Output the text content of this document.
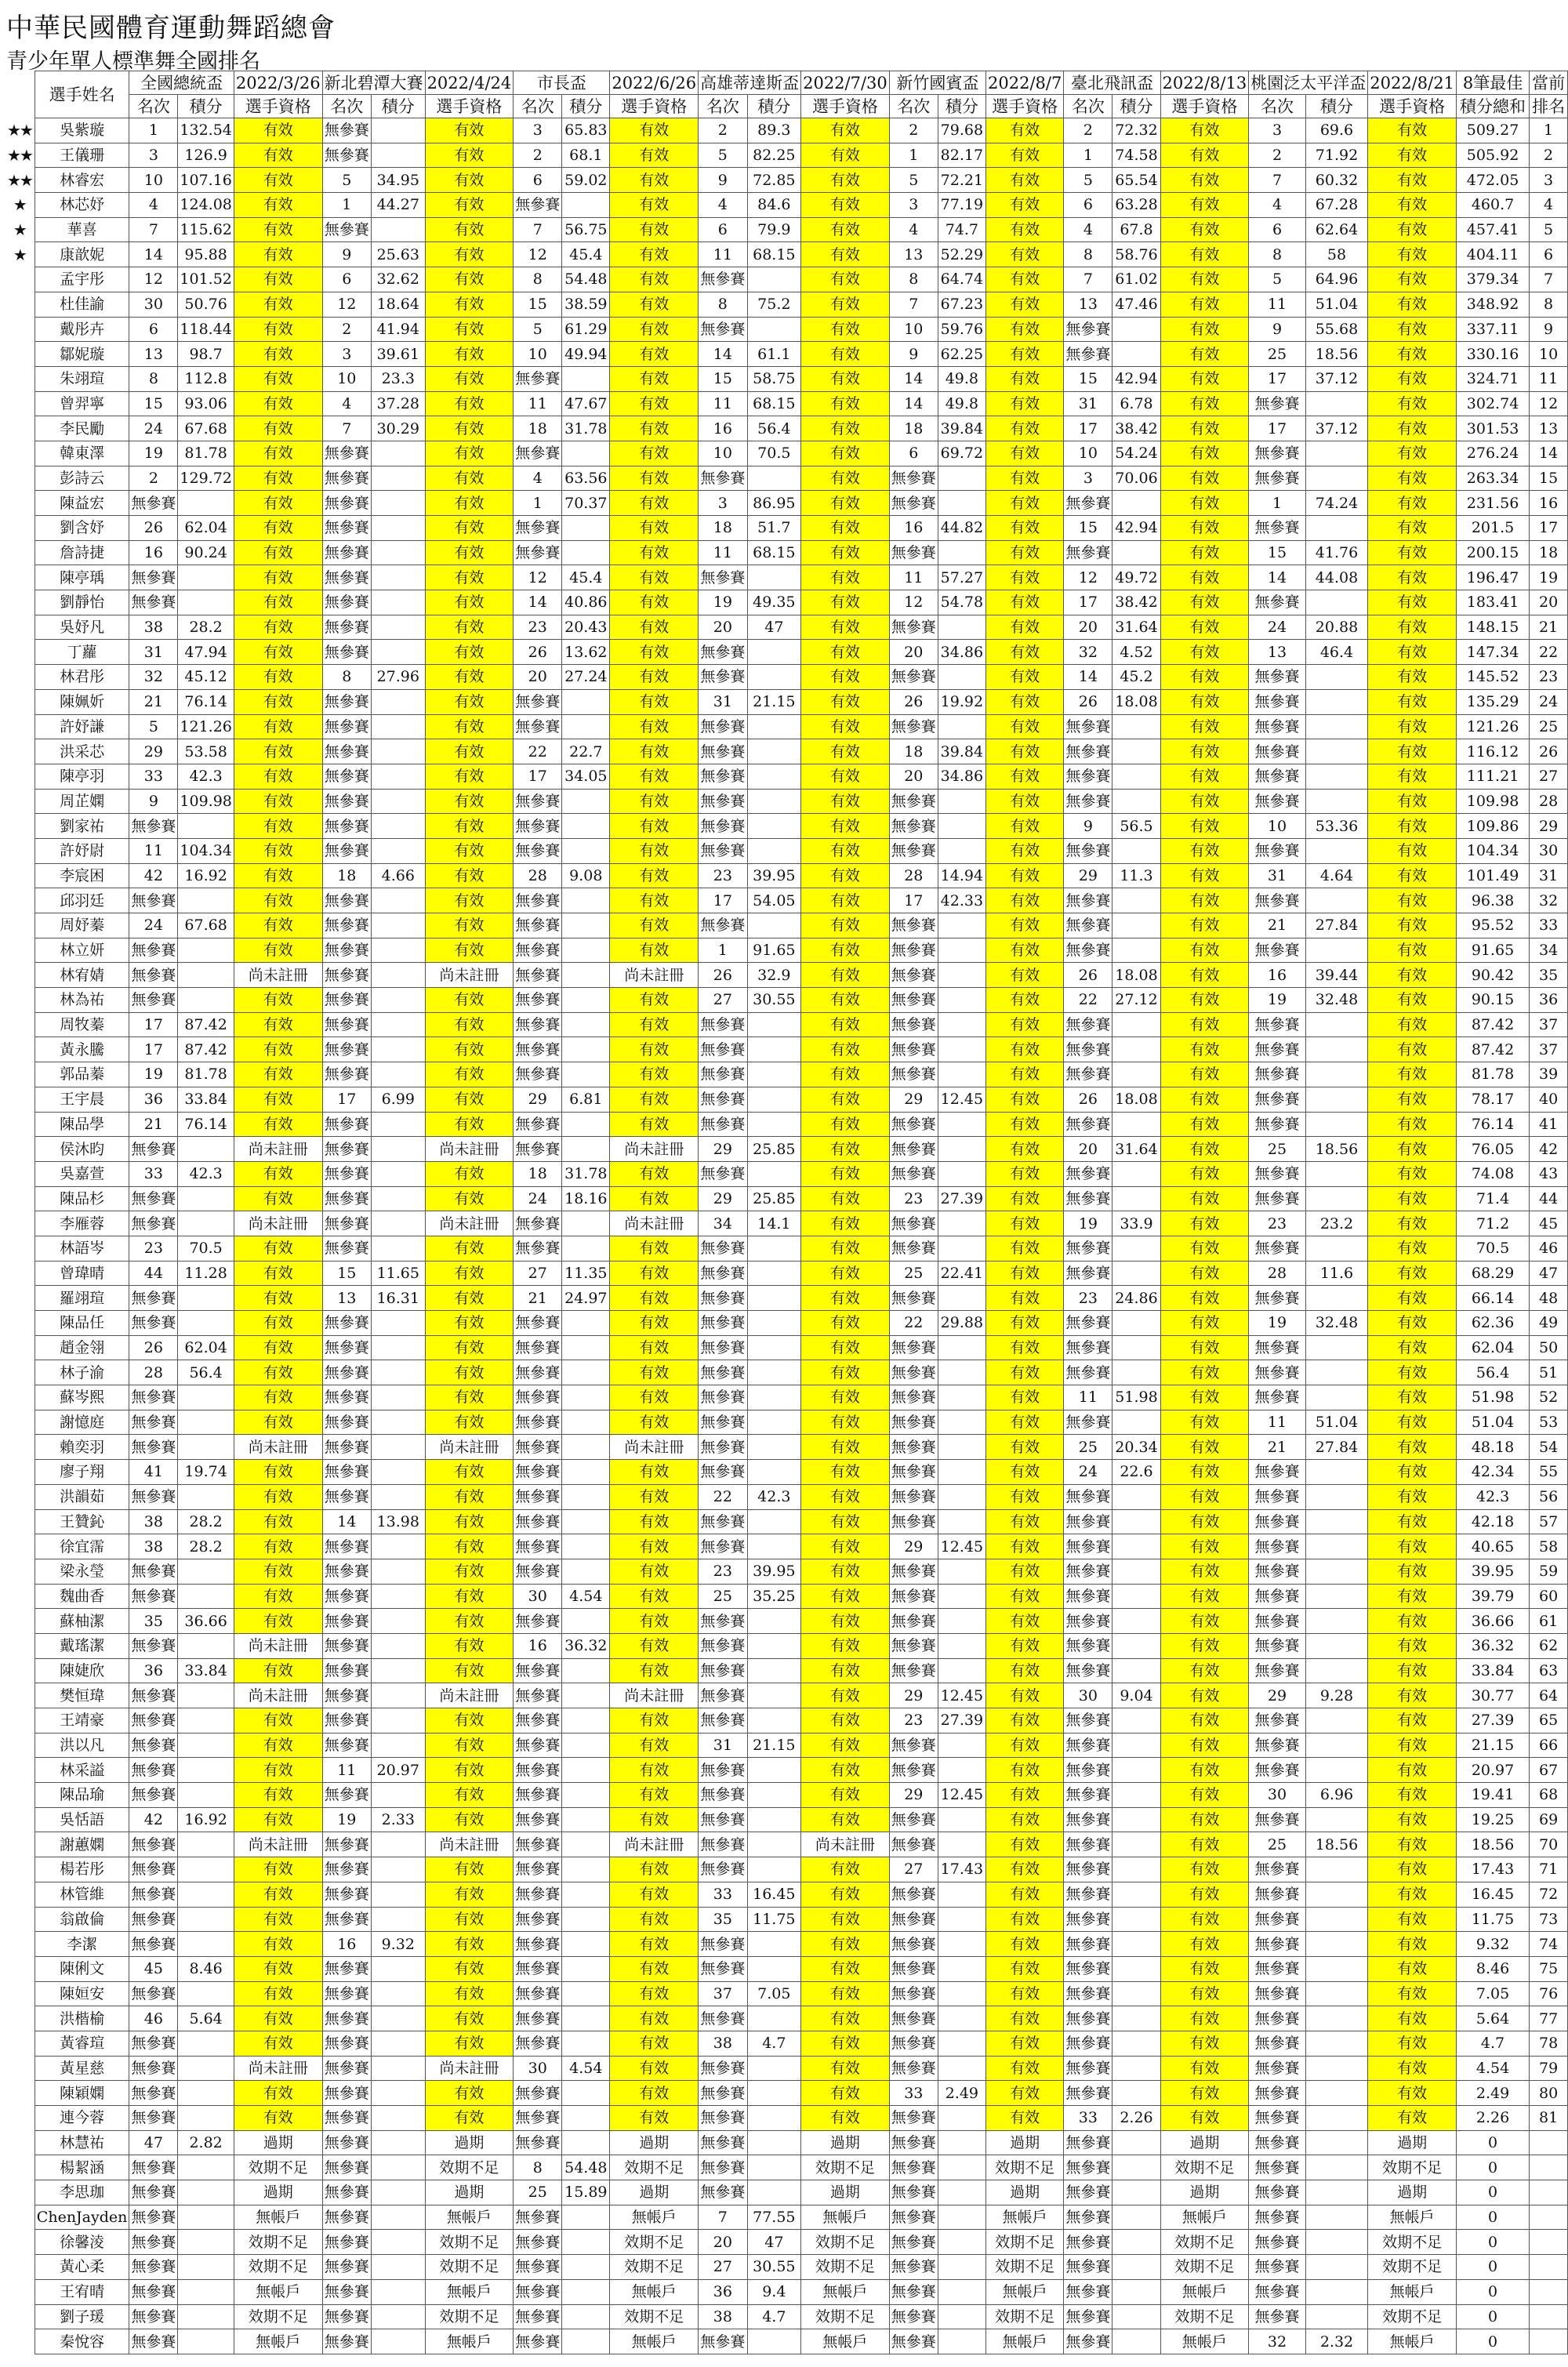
中華民國體育運動舞蹈總會
青少年單人標準舞全國排名
	選手姓名	全國總統盃		2022/3/26	新北碧潭大賽		2022/4/24	市長盃		2022/6/26	高雄蒂達斯盃		2022/7/30	新竹國賓盃		2022/8/7	臺北飛訊盃		2022/8/13	桃園泛太平洋盃		2022/8/21	8筆最佳	當前
		名次	積分	選手資格	名次	積分	選手資格	名次	積分	選手資格	名次	積分	選手資格	名次	積分	選手資格	名次	積分	選手資格	名次	積分	選手資格	積分總和	排名
★★	吳紫璇	1	132.54	有效	無參賽		有效	3	65.83	有效	2	89.3	有效	2	79.68	有效	2	72.32	有效	3	69.6	有效	509.27	1
★★	王儀珊	3	126.9	有效	無參賽		有效	2	68.1	有效	5	82.25	有效	1	82.17	有效	1	74.58	有效	2	71.92	有效	505.92	2
★★	林睿宏	10	107.16	有效	5	34.95	有效	6	59.02	有效	9	72.85	有效	5	72.21	有效	5	65.54	有效	7	60.32	有效	472.05	3
★	林芯妤	4	124.08	有效	1	44.27	有效	無參賽		有效	4	84.6	有效	3	77.19	有效	6	63.28	有效	4	67.28	有效	460.7	4
★	華喜	7	115.62	有效	無參賽		有效	7	56.75	有效	6	79.9	有效	4	74.7	有效	4	67.8	有效	6	62.64	有效	457.41	5
★	康歆妮	14	95.88	有效	9	25.63	有效	12	45.4	有效	11	68.15	有效	13	52.29	有效	8	58.76	有效	8	58	有效	404.11	6
	孟宇彤	12	101.52	有效	6	32.62	有效	8	54.48	有效	無參賽		有效	8	64.74	有效	7	61.02	有效	5	64.96	有效	379.34	7
	杜佳諭	30	50.76	有效	12	18.64	有效	15	38.59	有效	8	75.2	有效	7	67.23	有效	13	47.46	有效	11	51.04	有效	348.92	8
	戴彤卉	6	118.44	有效	2	41.94	有效	5	61.29	有效	無參賽		有效	10	59.76	有效	無參賽		有效	9	55.68	有效	337.11	9
	鄒妮璇	13	98.7	有效	3	39.61	有效	10	49.94	有效	14	61.1	有效	9	62.25	有效	無參賽		有效	25	18.56	有效	330.16	10
	朱翊瑄	8	112.8	有效	10	23.3	有效	無參賽		有效	15	58.75	有效	14	49.8	有效	15	42.94	有效	17	37.12	有效	324.71	11
	曾羿寧	15	93.06	有效	4	37.28	有效	11	47.67	有效	11	68.15	有效	14	49.8	有效	31	6.78	有效	無參賽		有效	302.74	12
	李民勵	24	67.68	有效	7	30.29	有效	18	31.78	有效	16	56.4	有效	18	39.84	有效	17	38.42	有效	17	37.12	有效	301.53	13
	韓東澤	19	81.78	有效	無參賽		有效	無參賽		有效	10	70.5	有效	6	69.72	有效	10	54.24	有效	無參賽		有效	276.24	14
	彭詩云	2	129.72	有效	無參賽		有效	4	63.56	有效	無參賽		有效	無參賽		有效	3	70.06	有效	無參賽		有效	263.34	15
	陳益宏	無參賽		有效	無參賽		有效	1	70.37	有效	3	86.95	有效	無參賽		有效	無參賽		有效	1	74.24	有效	231.56	16
	劉含妤	26	62.04	有效	無參賽		有效	無參賽		有效	18	51.7	有效	16	44.82	有效	15	42.94	有效	無參賽		有效	201.5	17
	詹詩捷	16	90.24	有效	無參賽		有效	無參賽		有效	11	68.15	有效	無參賽		有效	無參賽		有效	15	41.76	有效	200.15	18
	陳亭瑀	無參賽		有效	無參賽		有效	12	45.4	有效	無參賽		有效	11	57.27	有效	12	49.72	有效	14	44.08	有效	196.47	19
	劉靜怡	無參賽		有效	無參賽		有效	14	40.86	有效	19	49.35	有效	12	54.78	有效	17	38.42	有效	無參賽		有效	183.41	20
	吳妤凡	38	28.2	有效	無參賽		有效	23	20.43	有效	20	47	有效	無參賽		有效	20	31.64	有效	24	20.88	有效	148.15	21
	丁蘿	31	47.94	有效	無參賽		有效	26	13.62	有效	無參賽		有效	20	34.86	有效	32	4.52	有效	13	46.4	有效	147.34	22
	林君彤	32	45.12	有效	8	27.96	有效	20	27.24	有效	無參賽		有效	無參賽		有效	14	45.2	有效	無參賽		有效	145.52	23
	陳姵妡	21	76.14	有效	無參賽		有效	無參賽		有效	31	21.15	有效	26	19.92	有效	26	18.08	有效	無參賽		有效	135.29	24
	許妤謙	5	121.26	有效	無參賽		有效	無參賽		有效	無參賽		有效	無參賽		有效	無參賽		有效	無參賽		有效	121.26	25
	洪采芯	29	53.58	有效	無參賽		有效	22	22.7	有效	無參賽		有效	18	39.84	有效	無參賽		有效	無參賽		有效	116.12	26
	陳亭羽	33	42.3	有效	無參賽		有效	17	34.05	有效	無參賽		有效	20	34.86	有效	無參賽		有效	無參賽		有效	111.21	27
	周芷嫻	9	109.98	有效	無參賽		有效	無參賽		有效	無參賽		有效	無參賽		有效	無參賽		有效	無參賽		有效	109.98	28
	劉家祐	無參賽		有效	無參賽		有效	無參賽		有效	無參賽		有效	無參賽		有效	9	56.5	有效	10	53.36	有效	109.86	29
	許妤尉	11	104.34	有效	無參賽		有效	無參賽		有效	無參賽		有效	無參賽		有效	無參賽		有效	無參賽		有效	104.34	30
	李宸困	42	16.92	有效	18	4.66	有效	28	9.08	有效	23	39.95	有效	28	14.94	有效	29	11.3	有效	31	4.64	有效	101.49	31
	邱羽廷	無參賽		有效	無參賽		有效	無參賽		有效	17	54.05	有效	17	42.33	有效	無參賽		有效	無參賽		有效	96.38	32
	周妤蓁	24	67.68	有效	無參賽		有效	無參賽		有效	無參賽		有效	無參賽		有效	無參賽		有效	21	27.84	有效	95.52	33
	林立妍	無參賽		有效	無參賽		有效	無參賽		有效	1	91.65	有效	無參賽		有效	無參賽		有效	無參賽		有效	91.65	34
	林宥婧	無參賽		尚未註冊	無參賽		尚未註冊	無參賽		尚未註冊	26	32.9	有效	無參賽		有效	26	18.08	有效	16	39.44	有效	90.42	35
	林為祐	無參賽		有效	無參賽		有效	無參賽		有效	27	30.55	有效	無參賽		有效	22	27.12	有效	19	32.48	有效	90.15	36
	周牧蓁	17	87.42	有效	無參賽		有效	無參賽		有效	無參賽		有效	無參賽		有效	無參賽		有效	無參賽		有效	87.42	37
	黃永騰	17	87.42	有效	無參賽		有效	無參賽		有效	無參賽		有效	無參賽		有效	無參賽		有效	無參賽		有效	87.42	37
	郭品蓁	19	81.78	有效	無參賽		有效	無參賽		有效	無參賽		有效	無參賽		有效	無參賽		有效	無參賽		有效	81.78	39
	王宇晨	36	33.84	有效	17	6.99	有效	29	6.81	有效	無參賽		有效	29	12.45	有效	26	18.08	有效	無參賽		有效	78.17	40
	陳品學	21	76.14	有效	無參賽		有效	無參賽		有效	無參賽		有效	無參賽		有效	無參賽		有效	無參賽		有效	76.14	41
	侯沐昀	無參賽		尚未註冊	無參賽		尚未註冊	無參賽		尚未註冊	29	25.85	有效	無參賽		有效	20	31.64	有效	25	18.56	有效	76.05	42
	吳嘉萱	33	42.3	有效	無參賽		有效	18	31.78	有效	無參賽		有效	無參賽		有效	無參賽		有效	無參賽		有效	74.08	43
	陳品杉	無參賽		有效	無參賽		有效	24	18.16	有效	29	25.85	有效	23	27.39	有效	無參賽		有效	無參賽		有效	71.4	44
	李雁蓉	無參賽		尚未註冊	無參賽		尚未註冊	無參賽		尚未註冊	34	14.1	有效	無參賽		有效	19	33.9	有效	23	23.2	有效	71.2	45
	林語岑	23	70.5	有效	無參賽		有效	無參賽		有效	無參賽		有效	無參賽		有效	無參賽		有效	無參賽		有效	70.5	46
	曾瑋晴	44	11.28	有效	15	11.65	有效	27	11.35	有效	無參賽		有效	25	22.41	有效	無參賽		有效	28	11.6	有效	68.29	47
	羅翊瑄	無參賽		有效	13	16.31	有效	21	24.97	有效	無參賽		有效	無參賽		有效	23	24.86	有效	無參賽		有效	66.14	48
	陳品任	無參賽		有效	無參賽		有效	無參賽		有效	無參賽		有效	22	29.88	有效	無參賽		有效	19	32.48	有效	62.36	49
	趙金翎	26	62.04	有效	無參賽		有效	無參賽		有效	無參賽		有效	無參賽		有效	無參賽		有效	無參賽		有效	62.04	50
	林子渝	28	56.4	有效	無參賽		有效	無參賽		有效	無參賽		有效	無參賽		有效	無參賽		有效	無參賽		有效	56.4	51
	蘇岑熙	無參賽		有效	無參賽		有效	無參賽		有效	無參賽		有效	無參賽		有效	11	51.98	有效	無參賽		有效	51.98	52
	謝憶庭	無參賽		有效	無參賽		有效	無參賽		有效	無參賽		有效	無參賽		有效	無參賽		有效	11	51.04	有效	51.04	53
	賴奕羽	無參賽		尚未註冊	無參賽		尚未註冊	無參賽		尚未註冊	無參賽		有效	無參賽		有效	25	20.34	有效	21	27.84	有效	48.18	54
	廖子翔	41	19.74	有效	無參賽		有效	無參賽		有效	無參賽		有效	無參賽		有效	24	22.6	有效	無參賽		有效	42.34	55
	洪韻茹	無參賽		有效	無參賽		有效	無參賽		有效	22	42.3	有效	無參賽		有效	無參賽		有效	無參賽		有效	42.3	56
	王贊鈊	38	28.2	有效	14	13.98	有效	無參賽		有效	無參賽		有效	無參賽		有效	無參賽		有效	無參賽		有效	42.18	57
	徐宜霈	38	28.2	有效	無參賽		有效	無參賽		有效	無參賽		有效	29	12.45	有效	無參賽		有效	無參賽		有效	40.65	58
	梁永瑩	無參賽		有效	無參賽		有效	無參賽		有效	23	39.95	有效	無參賽		有效	無參賽		有效	無參賽		有效	39.95	59
	魏曲香	無參賽		有效	無參賽		有效	30	4.54	有效	25	35.25	有效	無參賽		有效	無參賽		有效	無參賽		有效	39.79	60
	蘇柚潔	35	36.66	有效	無參賽		有效	無參賽		有效	無參賽		有效	無參賽		有效	無參賽		有效	無參賽		有效	36.66	61
	戴瑤潔	無參賽		尚未註冊	無參賽		有效	16	36.32	有效	無參賽		有效	無參賽		有效	無參賽		有效	無參賽		有效	36.32	62
	陳婕欣	36	33.84	有效	無參賽		有效	無參賽		有效	無參賽		有效	無參賽		有效	無參賽		有效	無參賽		有效	33.84	63
	樊恒瑋	無參賽		尚未註冊	無參賽		尚未註冊	無參賽		尚未註冊	無參賽		有效	29	12.45	有效	30	9.04	有效	29	9.28	有效	30.77	64
	王靖豪	無參賽		有效	無參賽		有效	無參賽		有效	無參賽		有效	23	27.39	有效	無參賽		有效	無參賽		有效	27.39	65
	洪以凡	無參賽		有效	無參賽		有效	無參賽		有效	31	21.15	有效	無參賽		有效	無參賽		有效	無參賽		有效	21.15	66
	林采謚	無參賽		有效	11	20.97	有效	無參賽		有效	無參賽		有效	無參賽		有效	無參賽		有效	無參賽		有效	20.97	67
	陳品瑜	無參賽		有效	無參賽		有效	無參賽		有效	無參賽		有效	29	12.45	有效	無參賽		有效	30	6.96	有效	19.41	68
	吳恬語	42	16.92	有效	19	2.33	有效	無參賽		有效	無參賽		有效	無參賽		有效	無參賽		有效	無參賽		有效	19.25	69
	謝蕙嫻	無參賽		尚未註冊	無參賽		尚未註冊	無參賽		尚未註冊	無參賽		尚未註冊	無參賽		有效	無參賽		有效	25	18.56	有效	18.56	70
	楊若彤	無參賽		有效	無參賽		有效	無參賽		有效	無參賽		有效	27	17.43	有效	無參賽		有效	無參賽		有效	17.43	71
	林管維	無參賽		有效	無參賽		有效	無參賽		有效	33	16.45	有效	無參賽		有效	無參賽		有效	無參賽		有效	16.45	72
	翁啟倫	無參賽		有效	無參賽		有效	無參賽		有效	35	11.75	有效	無參賽		有效	無參賽		有效	無參賽		有效	11.75	73
	李潔	無參賽		有效	16	9.32	有效	無參賽		有效	無參賽		有效	無參賽		有效	無參賽		有效	無參賽		有效	9.32	74
	陳俐文	45	8.46	有效	無參賽		有效	無參賽		有效	無參賽		有效	無參賽		有效	無參賽		有效	無參賽		有效	8.46	75
	陳姮安	無參賽		有效	無參賽		有效	無參賽		有效	37	7.05	有效	無參賽		有效	無參賽		有效	無參賽		有效	7.05	76
	洪楷榆	46	5.64	有效	無參賽		有效	無參賽		有效	無參賽		有效	無參賽		有效	無參賽		有效	無參賽		有效	5.64	77
	黃睿瑄	無參賽		有效	無參賽		有效	無參賽		有效	38	4.7	有效	無參賽		有效	無參賽		有效	無參賽		有效	4.7	78
	黃星慈	無參賽		尚未註冊	無參賽		尚未註冊	30	4.54	有效	無參賽		有效	無參賽		有效	無參賽		有效	無參賽		有效	4.54	79
	陳穎嫻	無參賽		有效	無參賽		有效	無參賽		有效	無參賽		有效	33	2.49	有效	無參賽		有效	無參賽		有效	2.49	80
	連今蓉	無參賽		有效	無參賽		有效	無參賽		有效	無參賽		有效	無參賽		有效	33	2.26	有效	無參賽		有效	2.26	81
	林慧祐	47	2.82	過期	無參賽		過期	無參賽		過期	無參賽		過期	無參賽		過期	無參賽		過期	無參賽		過期	0	
	楊絜涵	無參賽		效期不足	無參賽		效期不足	8	54.48	效期不足	無參賽		效期不足	無參賽		效期不足	無參賽		效期不足	無參賽		效期不足	0	
	李思珈	無參賽		過期	無參賽		過期	25	15.89	過期	無參賽		過期	無參賽		過期	無參賽		過期	無參賽		過期	0	
	ChenJayden	無參賽		無帳戶	無參賽		無帳戶	無參賽		無帳戶	7	77.55	無帳戶	無參賽		無帳戶	無參賽		無帳戶	無參賽		無帳戶	0	
	徐馨淩	無參賽		效期不足	無參賽		效期不足	無參賽		效期不足	20	47	效期不足	無參賽		效期不足	無參賽		效期不足	無參賽		效期不足	0	
	黃心柔	無參賽		效期不足	無參賽		效期不足	無參賽		效期不足	27	30.55	效期不足	無參賽		效期不足	無參賽		效期不足	無參賽		效期不足	0	
	王宥晴	無參賽		無帳戶	無參賽		無帳戶	無參賽		無帳戶	36	9.4	無帳戶	無參賽		無帳戶	無參賽		無帳戶	無參賽		無帳戶	0	
	劉子瑗	無參賽		效期不足	無參賽		效期不足	無參賽		效期不足	38	4.7	效期不足	無參賽		效期不足	無參賽		效期不足	無參賽		效期不足	0	
	秦悅容	無參賽		無帳戶	無參賽		無帳戶	無參賽		無帳戶	無參賽		無帳戶	無參賽		無帳戶	無參賽		無帳戶	32	2.32	無帳戶	0	
